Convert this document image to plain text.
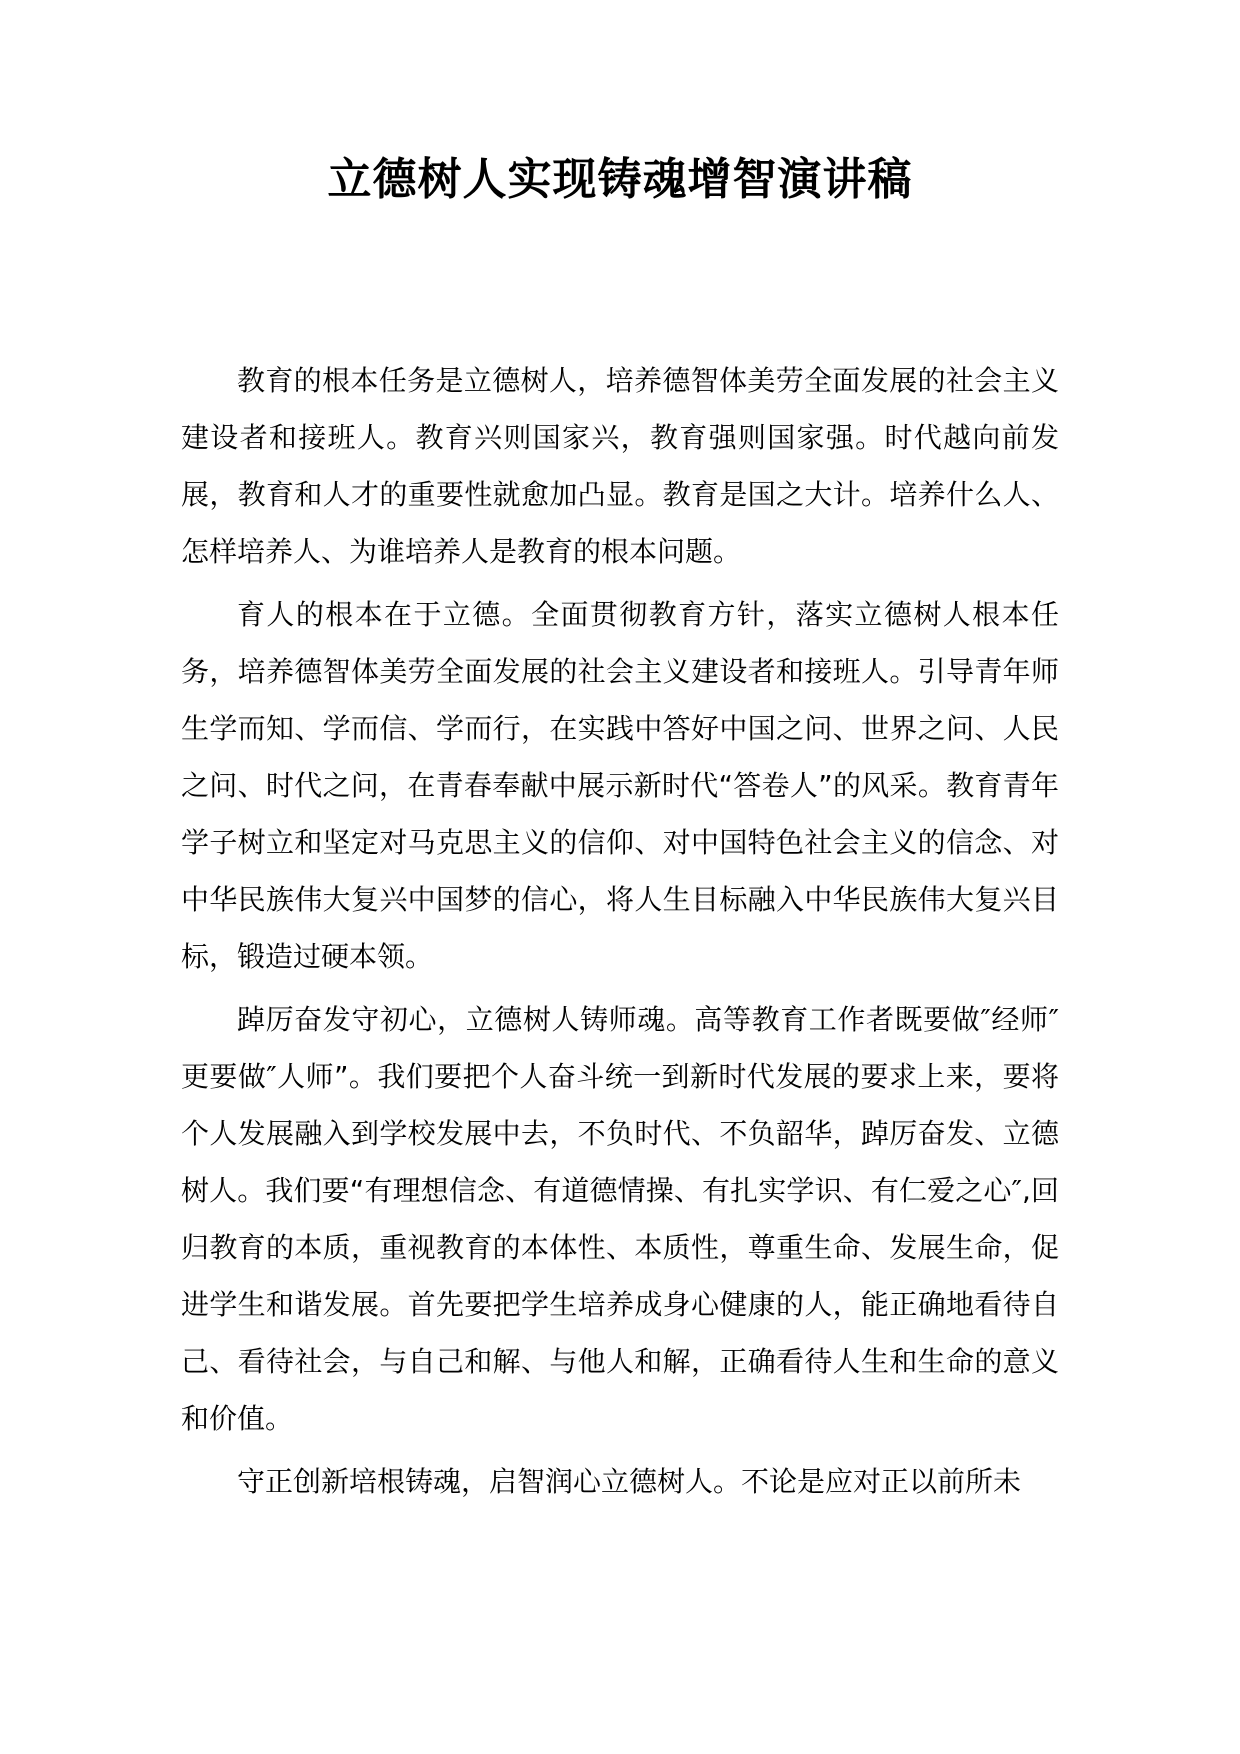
立德树人实现铸魂增智演讲稿

教育的根本任务是立德树人，培养德智体美劳全面发展的社会主义建设者和接班人。教育兴则国家兴，教育强则国家强。时代越向前发展，教育和人才的重要性就愈加凸显。教育是国之大计。培养什么人、怎样培养人、为谁培养人是教育的根本问题。

育人的根本在于立德。全面贯彻教育方针，落实立德树人根本任务，培养德智体美劳全面发展的社会主义建设者和接班人。引导青年师生学而知、学而信、学而行，在实践中答好中国之问、世界之问、人民之问、时代之问，在青春奉献中展示新时代“答卷人”的风采。教育青年学子树立和坚定对马克思主义的信仰、对中国特色社会主义的信念、对中华民族伟大复兴中国梦的信心，将人生目标融入中华民族伟大复兴目标，锻造过硬本领。

踔厉奋发守初心，立德树人铸师魂。高等教育工作者既要做″经师″更要做″人师”。我们要把个人奋斗统一到新时代发展的要求上来，要将个人发展融入到学校发展中去，不负时代、不负韶华，踔厉奋发、立德树人。我们要“有理想信念、有道德情操、有扎实学识、有仁爱之心″,回归教育的本质，重视教育的本体性、本质性，尊重生命、发展生命，促进学生和谐发展。首先要把学生培养成身心健康的人，能正确地看待自己、看待社会，与自己和解、与他人和解，正确看待人生和生命的意义和价值。

守正创新培根铸魂，启智润心立德树人。不论是应对正以前所未
